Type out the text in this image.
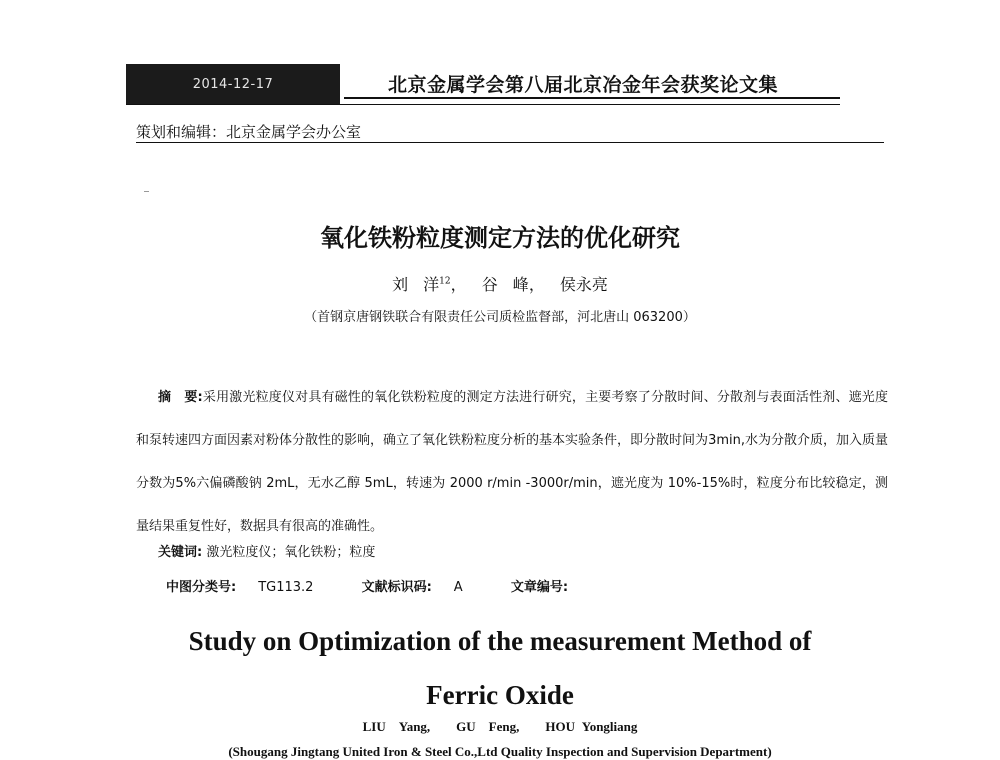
2014-12-17	北京金属学会第八届北京冶金年会获奖论文集
策划和编辑：北京金属学会办公室
氧化铁粉粒度测定方法的优化研究
刘 洋$^{12}$， 谷 峰， 侯永亮
（首钢京唐钢铁联合有限责任公司质检监督部，河北唐山 063200）
摘　要:采用激光粒度仪对具有磁性的氧化铁粉粒度的测定方法进行研究，主要考察了分散时间、分散剂与表面活性剂、遮光度和泵转速四方面因素对粉体分散性的影响，确立了氧化铁粉粒度分析的基本实验条件，即分散时间为3min,水为分散介质，加入质量分数为5%六偏磷酸钠 2mL，无水乙醇 5mL，转速为 2000 r/min -3000r/min，遮光度为 10%-15%时，粒度分布比较稳定，测量结果重复性好，数据具有很高的准确性。
关键词: 激光粒度仪；氧化铁粉；粒度
中图分类号: TG113.2	文献标识码: A	文章编号:
Study on Optimization of the measurement Method of
Ferric Oxide
LIU　Yang,　　GU　Feng,　　HOU Yongliang
(Shougang Jingtang United Iron & Steel Co.,Ltd Quality Inspection and Supervision Department)
